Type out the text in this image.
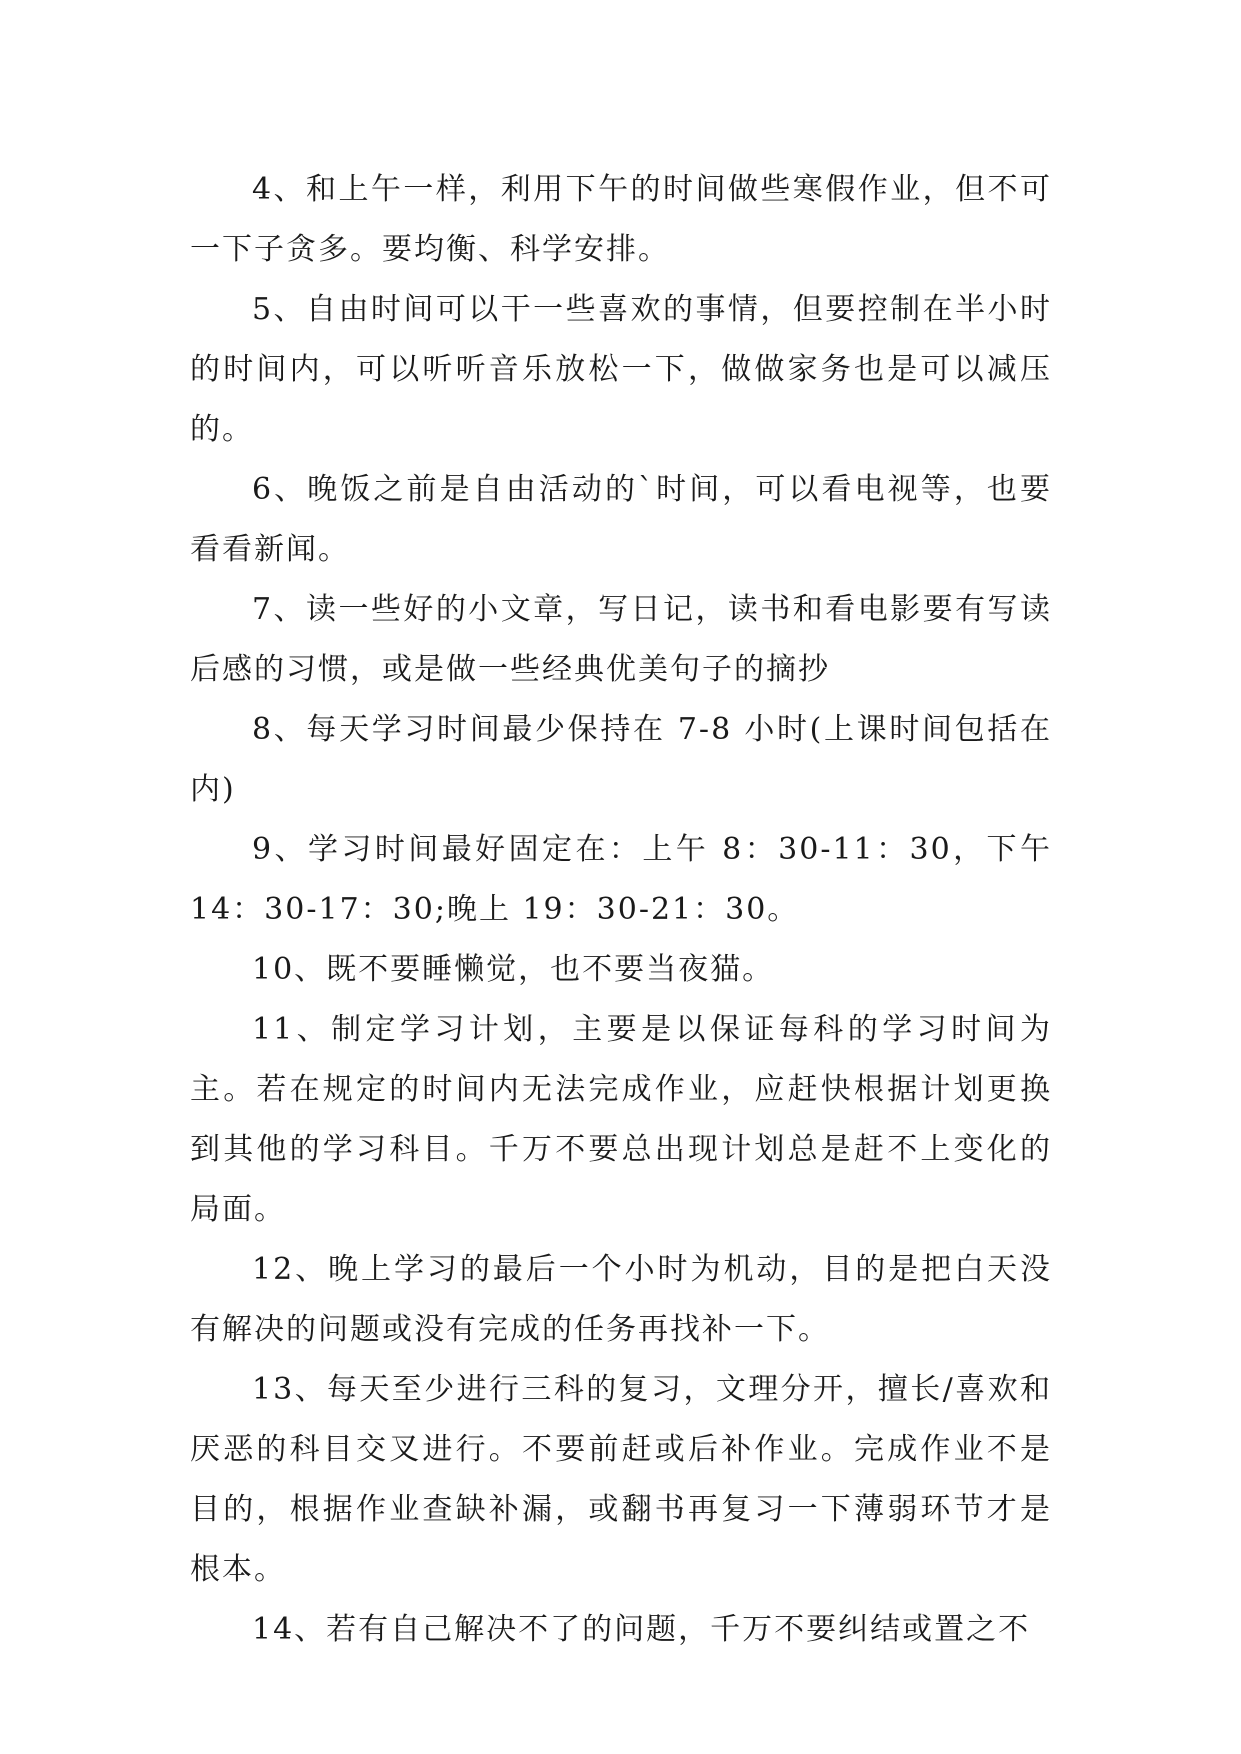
4、和上午一样，利用下午的时间做些寒假作业，但不可一下子贪多。要均衡、科学安排。

5、自由时间可以干一些喜欢的事情，但要控制在半小时的时间内，可以听听音乐放松一下，做做家务也是可以减压的。

6、晚饭之前是自由活动的`时间，可以看电视等，也要看看新闻。

7、读一些好的小文章，写日记，读书和看电影要有写读后感的习惯，或是做一些经典优美句子的摘抄

8、每天学习时间最少保持在 7-8 小时(上课时间包括在内)

9、学习时间最好固定在：上午 8：30-11：30，下午 14：30-17：30;晚上 19：30-21：30。

10、既不要睡懒觉，也不要当夜猫。

11、制定学习计划，主要是以保证每科的学习时间为主。若在规定的时间内无法完成作业，应赶快根据计划更换到其他的学习科目。千万不要总出现计划总是赶不上变化的局面。

12、晚上学习的最后一个小时为机动，目的是把白天没有解决的问题或没有完成的任务再找补一下。

13、每天至少进行三科的复习，文理分开，擅长/喜欢和厌恶的科目交叉进行。不要前赶或后补作业。完成作业不是目的，根据作业查缺补漏，或翻书再复习一下薄弱环节才是根本。

14、若有自己解决不了的问题，千万不要纠结或置之不
